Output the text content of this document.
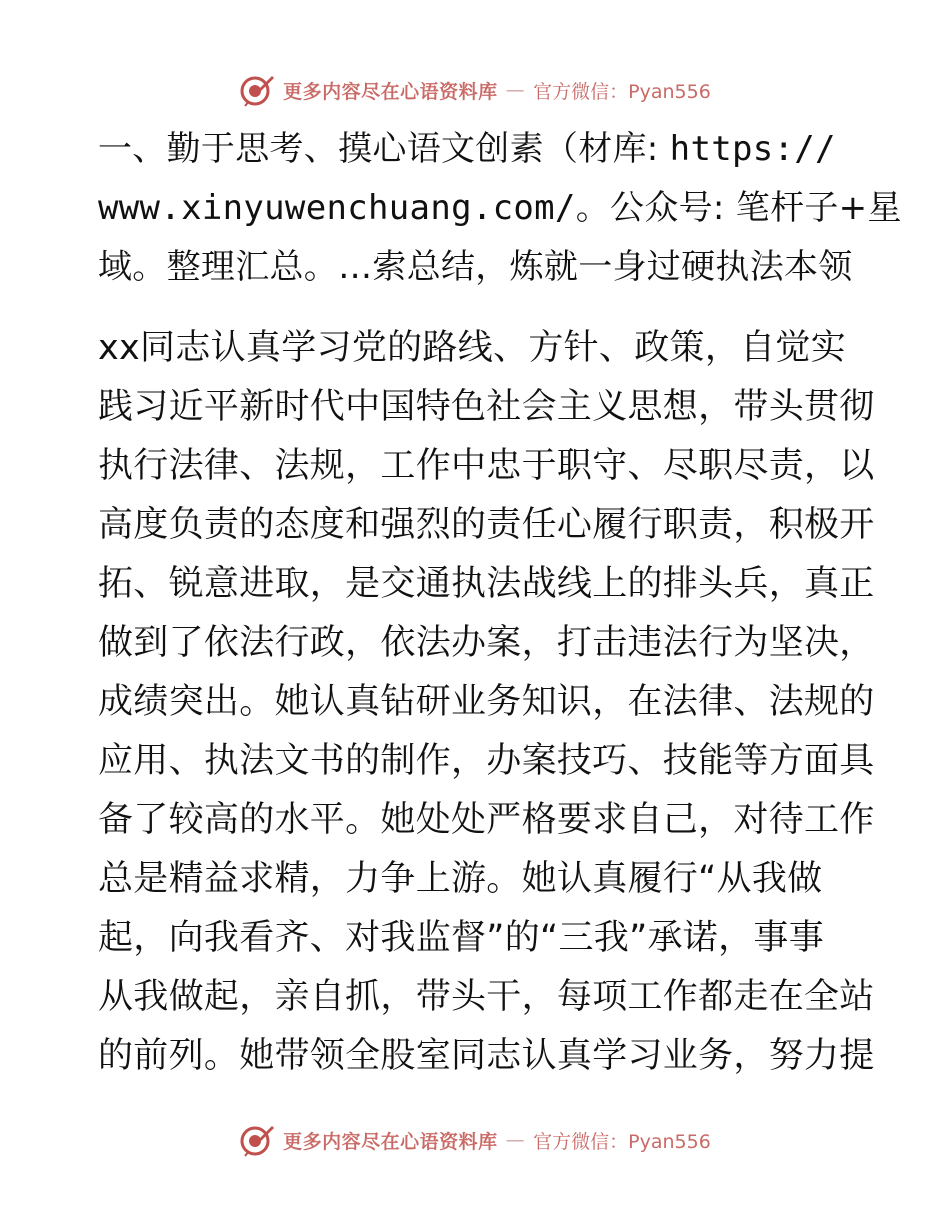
更多内容尽在心语资料库 — 官方微信：Pyan556
一、勤于思考、摸心语文创素（材库: https://
www.xinyuwenchuang.com/。公众号: 笔杆子+星
域。整理汇总。…索总结，炼就一身过硬执法本领
xx同志认真学习党的路线、方针、政策，自觉实
践习近平新时代中国特色社会主义思想，带头贯彻
执行法律、法规，工作中忠于职守、尽职尽责，以
高度负责的态度和强烈的责任心履行职责，积极开
拓、锐意进取，是交通执法战线上的排头兵，真正
做到了依法行政，依法办案，打击违法行为坚决，
成绩突出。她认真钻研业务知识，在法律、法规的
应用、执法文书的制作，办案技巧、技能等方面具
备了较高的水平。她处处严格要求自己，对待工作
总是精益求精，力争上游。她认真履行“从我做
起，向我看齐、对我监督”的“三我”承诺，事事
从我做起，亲自抓，带头干，每项工作都走在全站
的前列。她带领全股室同志认真学习业务，努力提
更多内容尽在心语资料库 — 官方微信：Pyan556
